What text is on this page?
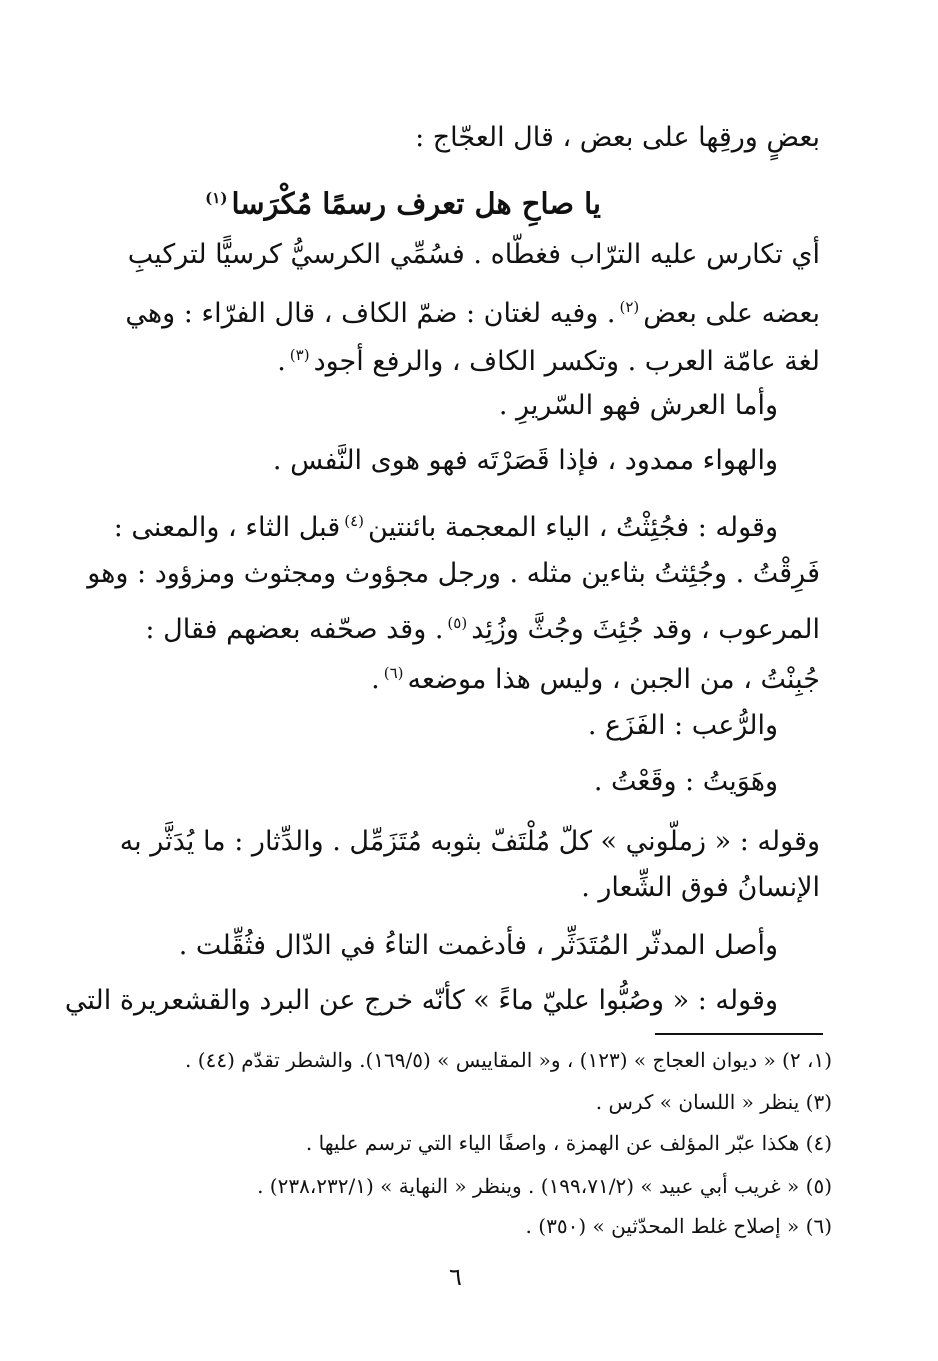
بعضٍ ورقِها على بعض ، قال العجّاج :
يا صاحِ هل تعرف رسمًا مُكْرَسا$^{(١)}$
أي تكارس عليه الترّاب فغطّاه . فسُمِّي الكرسيُّ كرسيًّا لتركيبِ
بعضه على بعض$^{(٢)}$. وفيه لغتان : ضمّ الكاف ، قال الفرّاء : وهي
لغة عامّة العرب . وتكسر الكاف ، والرفع أجود$^{(٣)}$.
وأما العرش فهو السّريرِ .
والهواء ممدود ، فإذا قَصَرْتَه فهو هوى النَّفس .
وقوله : فجُئِثْتُ ، الياء المعجمة بائنتين$^{(٤)}$قبل الثاء ، والمعنى :
فَرِقْتُ . وجُئِثتُ بثاءين مثله . ورجل مجؤوث ومجثوث ومزؤود : وهو
المرعوب ، وقد جُئِثَ وجُثَّ وزُئِد$^{(٥)}$. وقد صحّفه بعضهم فقال :
جُبِنْتُ ، من الجبن ، وليس هذا موضعه$^{(٦)}$.
والرُّعب : الفَزَع .
وهَوَيتُ : وقَعْتُ .
وقوله : « زملّوني » كلّ مُلْتَفّ بثوبه مُتَزَمِّل . والدِّثار : ما يُدَثَّر به
الإنسانُ فوق الشِّعار .
وأصل المدثّر المُتَدَثِّر ، فأدغمت التاءُ في الدّال فثُقِّلت .
وقوله : « وصُبُّوا عليّ ماءً » كأنّه خرج عن البرد والقشعريرة التي
(١، ٢) « ديوان العجاج » (١٢٣) ، و« المقاييس » (١٦٩/٥). والشطر تقدّم (٤٤) .
(٣) ينظر « اللسان » كرس .
(٤) هكذا عبّر المؤلف عن الهمزة ، واصفًا الياء التي ترسم عليها .
(٥) « غريب أبي عبيد » (١٩٩،٧١/٢) . وينظر « النهاية » (٢٣٨،٢٣٢/١) .
(٦) « إصلاح غلط المحدّثين » (٣٥٠) .
٦
